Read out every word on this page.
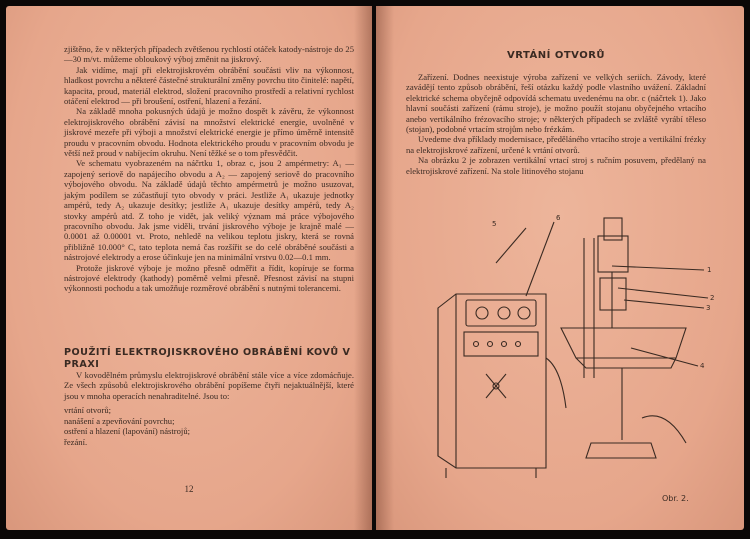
zjištěno, že v některých případech zvětšenou rychlostí otáček katody-nástroje do 25—30 m/vt. můžeme obloukový výboj změnit na jiskrový.

Jak vidíme, mají při elektrojiskrovém obrábění součásti vliv na výkonnost, hladkost povrchu a některé částečné strukturální změny povrchu tito činitelé: napětí, kapacita, proud, materiál elektrod, složení pracovního prostředí a relativní rychlost otáčení elektrod — při broušení, ostření, hlazení a řezání.

Na základě mnoha pokusných údajů je možno dospět k závěru, že výkonnost elektrojiskrového obrábění závisí na množství elektrické energie, uvolněné v jiskrové mezeře při výboji a množství elektrické energie je přímo úměrně intensitě proudu v pracovním obvodu. Hodnota elektrického proudu v pracovním obvodu je větší než proud v nabíjecím okruhu. Není těžké se o tom přesvědčit.

Ve schematu vyobrazeném na náčrtku 1, obraz c, jsou 2 ampérmetry: A₁ — zapojený seriově do napájecího obvodu a A₂ — zapojený seriově do pracovního výbojového obvodu. Na základě údajů těchto ampérmetrů je možno usuzovat, jakým podílem se zúčastňují tyto obvody v práci. Jestliže A₁ ukazuje jednotky ampérů, tedy A₂ ukazuje desítky; jestliže A₁ ukazuje desítky ampérů, tedy A₂ stovky ampérů atd. Z toho je vidět, jak veliký význam má práce výbojového pracovního obvodu. Jak jsme viděli, trvání jiskrového výboje je krajně malé — 0.0001 až 0.00001 vt. Proto, nehledě na velikou teplotu jiskry, která se rovná přibližně 10.000° C, tato teplota nemá čas rozšířit se do celé obráběné součásti a nástrojové elektrody a erose účinkuje jen na minimální vrstvu 0.02—0.1 mm.

Protože jiskrové výboje je možno přesně odměřit a řídit, kopíruje se forma nástrojové elektrody (kathody) poměrně velmi přesně. Přesnost závisí na stupni výkonnosti pochodu a tak umožňuje rozměrové obrábění s nutnými tolerancemi.

POUŽITÍ ELEKTROJISKROVÉHO OBRÁBĚNÍ KOVŮ V PRAXI

V kovodělném průmyslu elektrojiskrové obrábění stále více a více zdomácňuje. Ze všech způsobů elektrojiskrového obrábění popíšeme čtyři nejaktuálnější, které jsou v mnoha operacích nenahraditelné. Jsou to:

vrtání otvorů;
nanášení a zpevňování povrchu;
ostření a hlazení (lapování) nástrojů;
řezání.
12
VRTÁNÍ OTVORŮ

Zařízení. Dodnes neexistuje výroba zařízení ve velkých seriích. Závody, které zavádějí tento způsob obrábění, řeší otázku každý podle vlastního uvážení. Základní elektrické schema obyčejně odpovídá schematu uvedenému na obr. c (náčrtek 1). Jako hlavní součásti zařízení (rámu stroje), je možno použít stojanu obyčejného vrtacího anebo vertikálního frézovacího stroje; v některých případech se zvláště vyrábí těleso (stojan), podobné vrtacím strojům nebo frézkám.

Uvedeme dva příklady modernisace, předěláného vrtacího stroje a vertikální frézky na elektrojiskrové zařízení, určené k vrtání otvorů.

Na obrázku 2 je zobrazen vertikální vrtací stroj s ručním posuvem, předělaný na elektrojiskrové zařízení. Na stole litinového stojanu

1
2
3
4
5
6
Obr. 2.
